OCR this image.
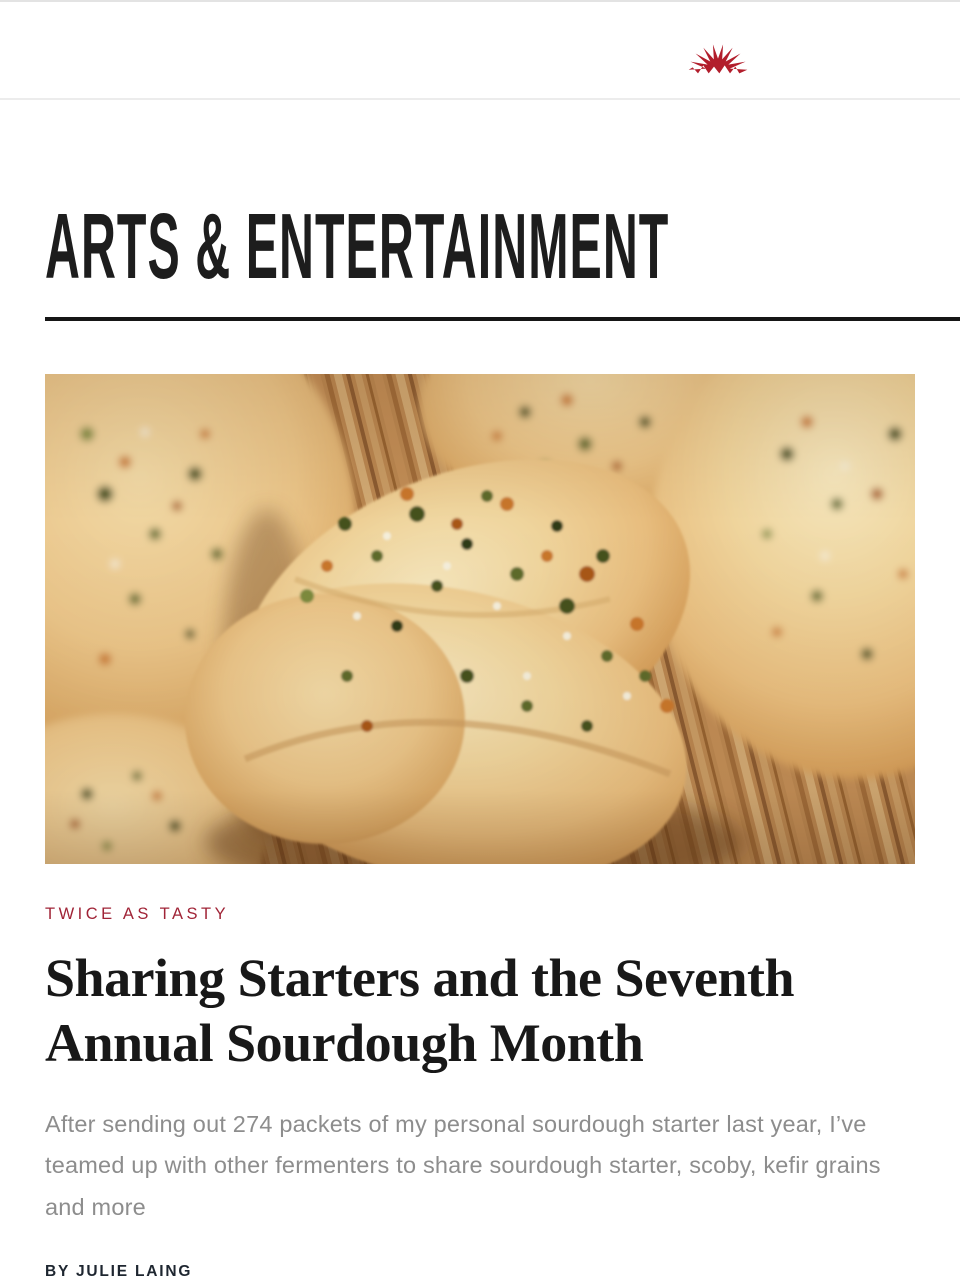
ARTS & ENTERTAINMENT
TWICE AS TASTY
Sharing Starters and the Seventh
Annual Sourdough Month

After sending out 274 packets of my personal sourdough starter last year, I’ve teamed up with other fermenters to share sourdough starter, scoby, kefir grains and more

BY JULIE LAING
